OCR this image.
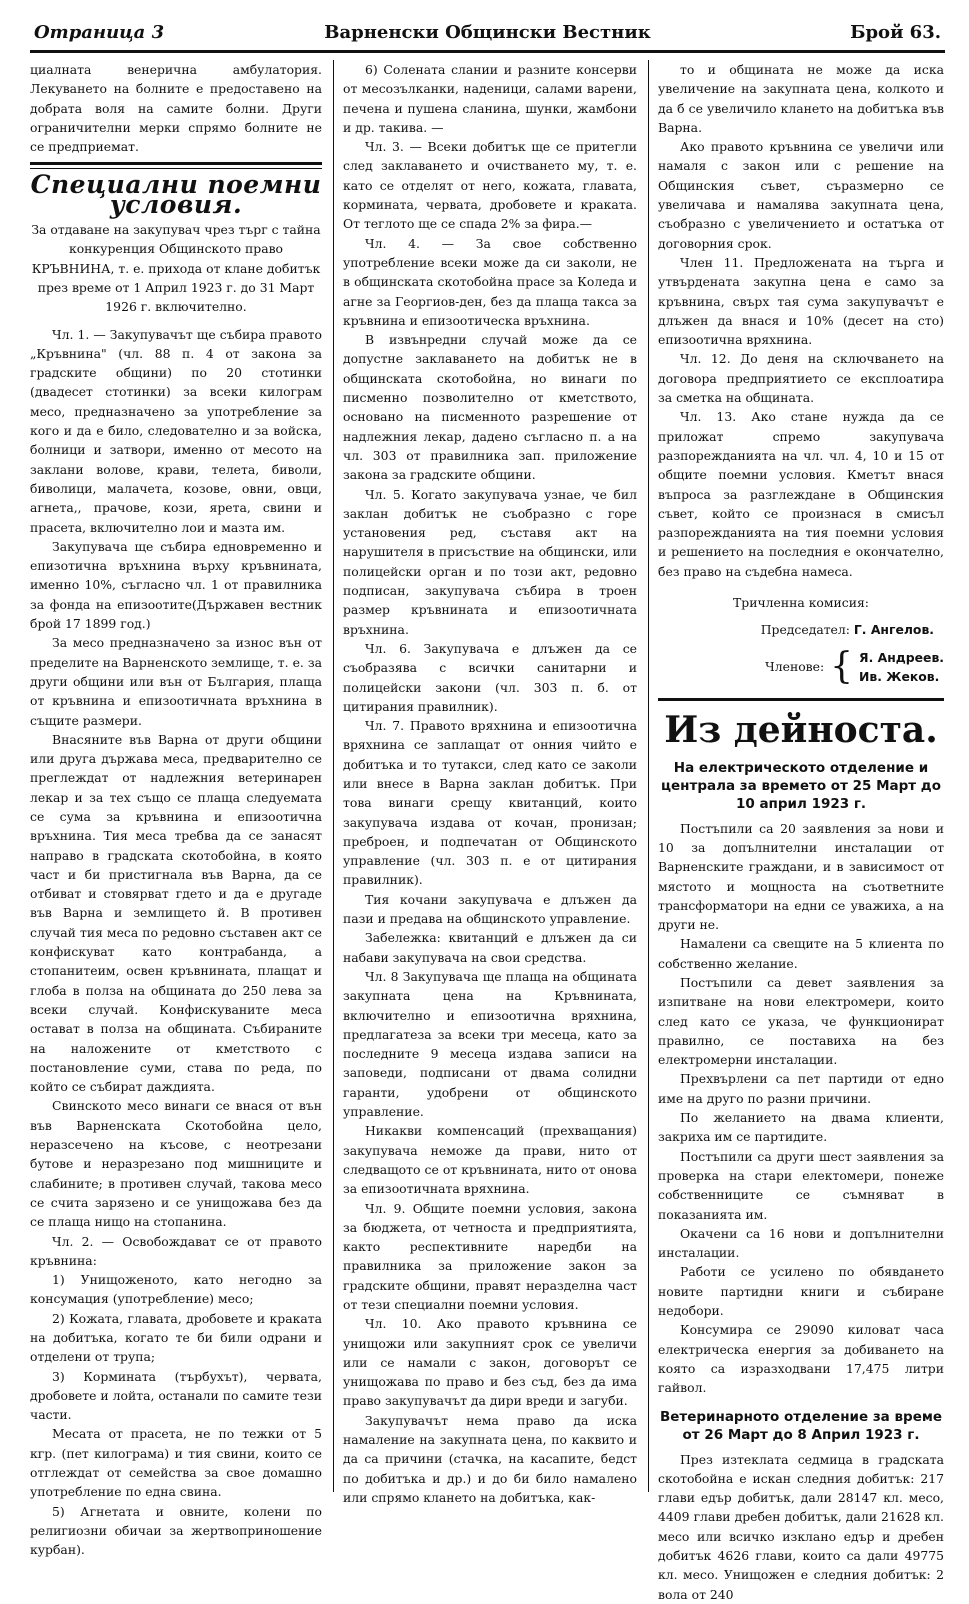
Отраница 3	Варненски Общински Вестник	Брой 63.

циалната венерична амбулатория. Лекуването на болните е предоставено на добрата воля на самите болни. Други ограничителни мерки спрямо болните не се предприемат.

Специални поемни условия.

За отдаване на закупувач чрез търг с тайна конкуренция Общинското право КРЪВНИНА, т. е. прихода от клане добитък през времe от 1 Април 1923 г. до 31 Март 1926 г. включително.

Чл. 1. — Закупувачът ще събира правото „Кръвнина" (чл. 88 п. 4 от закона за градските общини) по 20 стотинки (двадесет стотинки) за всеки килограм месо, предназначено за употребление за кого и да е било, следователно и за войска, болници и затвори, именно от месото на заклани волове, крави, телета, биволи, биволици, малачета, козове, овни, овци, агнета,, прачове, кози, ярета, свини и прасета, включително лои и мазта им.

Закупувача ще събира едновременно и епизотична връхнина върху кръвнината, именно 10%, съгласно чл. 1 от правилника за фонда на епизоотите(Държавен вестник брой 17 1899 год.)

За месо предназначено за износ вън от пределите на Варненското землище, т. е. за други общини или вън от България, плаща от кръвнина и епизоотичната връхнина в същите размери.

Внасяните във Варна от други общини или друга държава меса, предварително се преглеждат от надлежния ветеринарен лекар и за тех също се плаща следуемата се сума за кръвнина и епизоотична връхнина. Тия меса требва да се занасят направо в градската скотобойна, в която част и би пристигнала във Варна, да се отбиват и стовярват гдето и да е другаде във Варна и землището й. В противен случай тия меса по редовно съставен акт се конфискуват като контрабанда, а стопанитеим, освен кръвнината, плащат и глоба в полза на общината до 250 лева за всеки случай. Конфискуваните меса остават в полза на общината. Събираните на наложените от кметството с постановление суми, става по реда, по който се събират даждията.

Свинското месо винаги се внася от вън във Варненската Скотобойна цело, неразсечено на късове, с неотрезани бутове и неразрезано под мишниците и слабините; в противен случай, такова месо се счита зарязено и се унищожава без да се плаща нищо на стопанина.

Чл. 2. — Освобождават се от правото кръвнина:

1) Унищоженото, като негодно за консумация (употребление) месо;

2) Кожата, главата, дробовете и краката на добитъка, когато те би били одрани и отделени от трупа;

3) Корминатa (търбухът), червата, дробовете и лойта, останали по самите тези части.

Месата от прасета, не по тежки от 5 кгр. (пет килограма) и тия свини, които се отглеждат от семейства за свое домашно употребление по една свина.

5) Агнетата и овните, колени по религиозни обичаи за жертвоприношение курбан).

6) Солената слании и разните консерви от месозълканки, наденици, салами варени, печена и пушена сланина, шунки, жамбони и др. такива. —

Чл. 3. — Всеки добитък ще се притегли след заклаването и очистването му, т. е. като се отделят от него, кожата, главата, кормината, червата, дробовете и краката. От теглото ще се спада 2% за фира.—

Чл. 4. — За свое собственно употребление всеки може да си заколи, не в общинската скотобойна прасе за Коледа и агне за Георгиов-ден, без да плаща такса за кръвнина и епизоотическа връхнина.

В извънредни случай може да се допустне заклаването на добитък не в общинската скотобойна, но винаги по писменно позволително от кметството, основано на писменното разрешение от надлежния лекар, дадено съгласно п. а на чл. 303 от правилника зап. приложение закона за градските общини.

Чл. 5. Когато закупувача узнае, че бил заклан добитък не съобразно с горе установения ред, съставя акт на нарушителя в присъствие на общински, или полицейски орган и по този акт, редовно подписан, закупувача събира в троен размер кръвнината и епизоотичната връхнина.

Чл. 6. Закупувача е длъжен да се съобразява с всички санитарни и полицейски закони (чл. 303 п. б. от цитирания правилник).

Чл. 7. Правото вряхнина и епизоотична вряхнина се заплащат от онния чийто е добитъка и то тутакси, след като се заколи или внесе в Варна заклан добитък. При това винаги срещу квитанций, които закупувача издава от кочан, пронизан; преброен, и подпечатан от Общинското управление (чл. 303 п. е от цитирания правилник).

Тия кочани закупувача е длъжен да пази и предава на общинското управление.

Забележка: квитанций е длъжен да си набави закупувача на свои средства.

Чл. 8 Закупувача ще плаща на общината закупната цена на Кръвнината, включително и епизоотична вряхнина, предлагатеза за всеки три месеца, като за последните 9 месеца издава записи на заповеди, подписани от двама солидни гаранти, удобрени от общинското управление.

Никакви компенсаций (прехващания) закупувача неможе да прави, нито от следващото се от кръвнината, нито от онова за епизоотичната вряхнина.

Чл. 9. Общите поемни условия, закона за бюджета, от четноста и предприятията, както респективните наредби на правилника за приложение закон за градските общини, правят неразделна част от тези специални поемни условия.

Чл. 10. Ако правото кръвнина се унищожи или закупният срок се увеличи или се намали с закон, договорът се унищожава по право и без съд, без да има право закупувачът да дири вреди и загуби.

Закупувачът нема право да иска намаление на закупната цена, по каквито и да са причини (стачка, на касапите, бедст по добитъка и др.) и до би било намалено или спрямо клането на добитъка, как-

то и общината не може да иска увеличение на закупната цена, колкото и да б се увеличило клането на добитъка във Варна.

Ако правото кръвнина се увеличи или намаля с закон или с решение на Общинския съвет, съразмерно се увеличава и намалява закупната цена, съобразно с увеличението и остатъка от договорния срок.

Член 11. Предложената на търга и утвърдената закупна цена е само за кръвнина, свърх тая сума закупувачът е длъжен да внася и 10% (десет на сто) епизоотична вряхнина.

Чл. 12. До деня на сключването на договора предприятието се експлоатира за сметка на общината.

Чл. 13. Ако стане нужда да се приложат спремо закупувача разпорежданията на чл. чл. 4, 10 и 15 от общите поемни условия. Кметът внася въпроса за разглеждане в Общинския съвет, който се произнася в смисъл разпорежданията на тия поемни условия и решението на последния е окончателно, без право на съдебна намеса.

Тричленна комисия:

Председател: Г. Ангелов.

Членове: { Я. Андреев.
Ив. Жеков.
Из дейноста.

На електрическото отделение и централа за времето от 25 Март до 10 април 1923 г.

Постъпили са 20 заявления за нови и 10 за допълнителни инсталации от Варненските граждани, и в зависимост от мястото и мощноста на съответните трансформатори на едни се уважиха, а на други не.

Намалени са свещите на 5 клиента по собственно желание.

Постъпили са девет заявления за изпитване на нови електромери, които след като се указа, че функционират правилно, се поставиха на без електромерни инсталации.

Прехвърлени са пет партиди от едно име на друго по разни причини.

По желанието на двама клиенти, закриха им се партидите.

Постъпили са други шест заявления за проверка на стари електомери, понеже собственниците се съмняват в показанията им.

Окачени са 16 нови и допълнителни инсталации.

Работи се усилено по обявдането новите партидни книги и събиране недобори.

Консумира се 29090 киловат часа електрическа енергия за добиването на която са изразходвани 17,475 литри гайвол.

Ветеринарното отделение за време от 26 Март до 8 Април 1923 г.

През изтеклата седмица в градската скотобойна е искан следния добитък: 217 глави едър добитък, дали 28147 кл. месо, 4409 глави дребен добитък, дали 21628 кл. месо или всичко изклано едър и дребен добитък 4626 глави, които са дали 49775 кл. месо. Унищожен е следния добитък: 2 вола от 240
